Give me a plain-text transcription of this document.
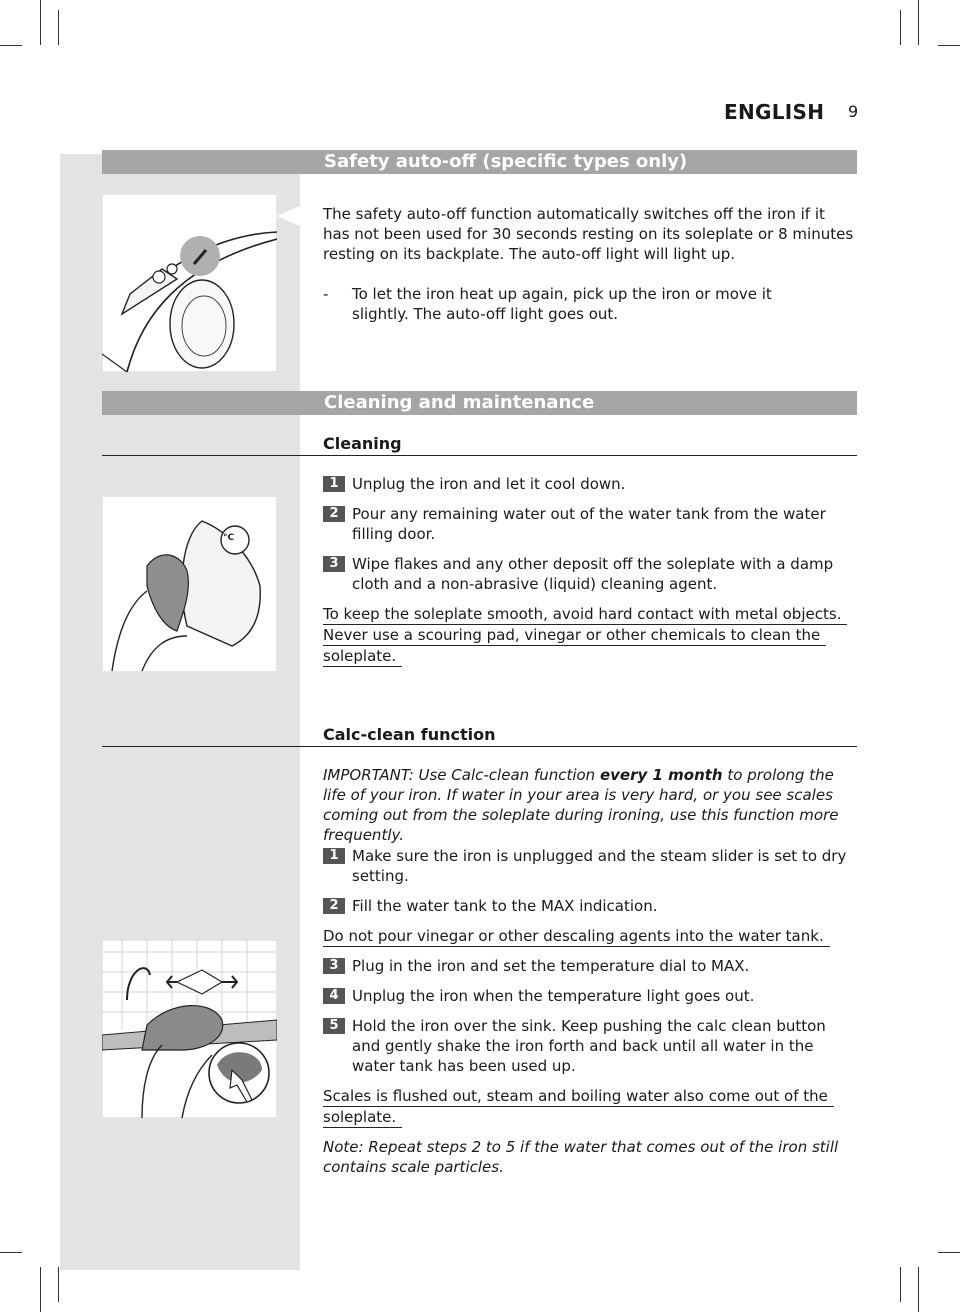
ENGLISH 9
Safety auto-off (specific types only)
The safety auto-off function automatically switches off the iron if it has not been used for 30 seconds resting on its soleplate or 8 minutes resting on its backplate. The auto-off light will light up.
- To let the iron heat up again, pick up the iron or move it slightly. The auto-off light goes out.
Cleaning and maintenance
Cleaning
°C
1 Unplug the iron and let it cool down.
2 Pour any remaining water out of the water tank from the water filling door.
3 Wipe flakes and any other deposit off the soleplate with a damp cloth and a non-abrasive (liquid) cleaning agent.
To keep the soleplate smooth, avoid hard contact with metal objects.
Never use a scouring pad, vinegar or other chemicals to clean the
soleplate.
Calc-clean function
IMPORTANT: Use Calc-clean function every 1 month to prolong the life of your iron. If water in your area is very hard, or you see scales coming out from the soleplate during ironing, use this function more frequently.
1 Make sure the iron is unplugged and the steam slider is set to dry setting.
2 Fill the water tank to the MAX indication.
Do not pour vinegar or other descaling agents into the water tank.
3 Plug in the iron and set the temperature dial to MAX.
4 Unplug the iron when the temperature light goes out.
5 Hold the iron over the sink. Keep pushing the calc clean button and gently shake the iron forth and back until all water in the water tank has been used up.
Scales is flushed out, steam and boiling water also come out of the
soleplate.
Note: Repeat steps 2 to 5 if the water that comes out of the iron still contains scale particles.
